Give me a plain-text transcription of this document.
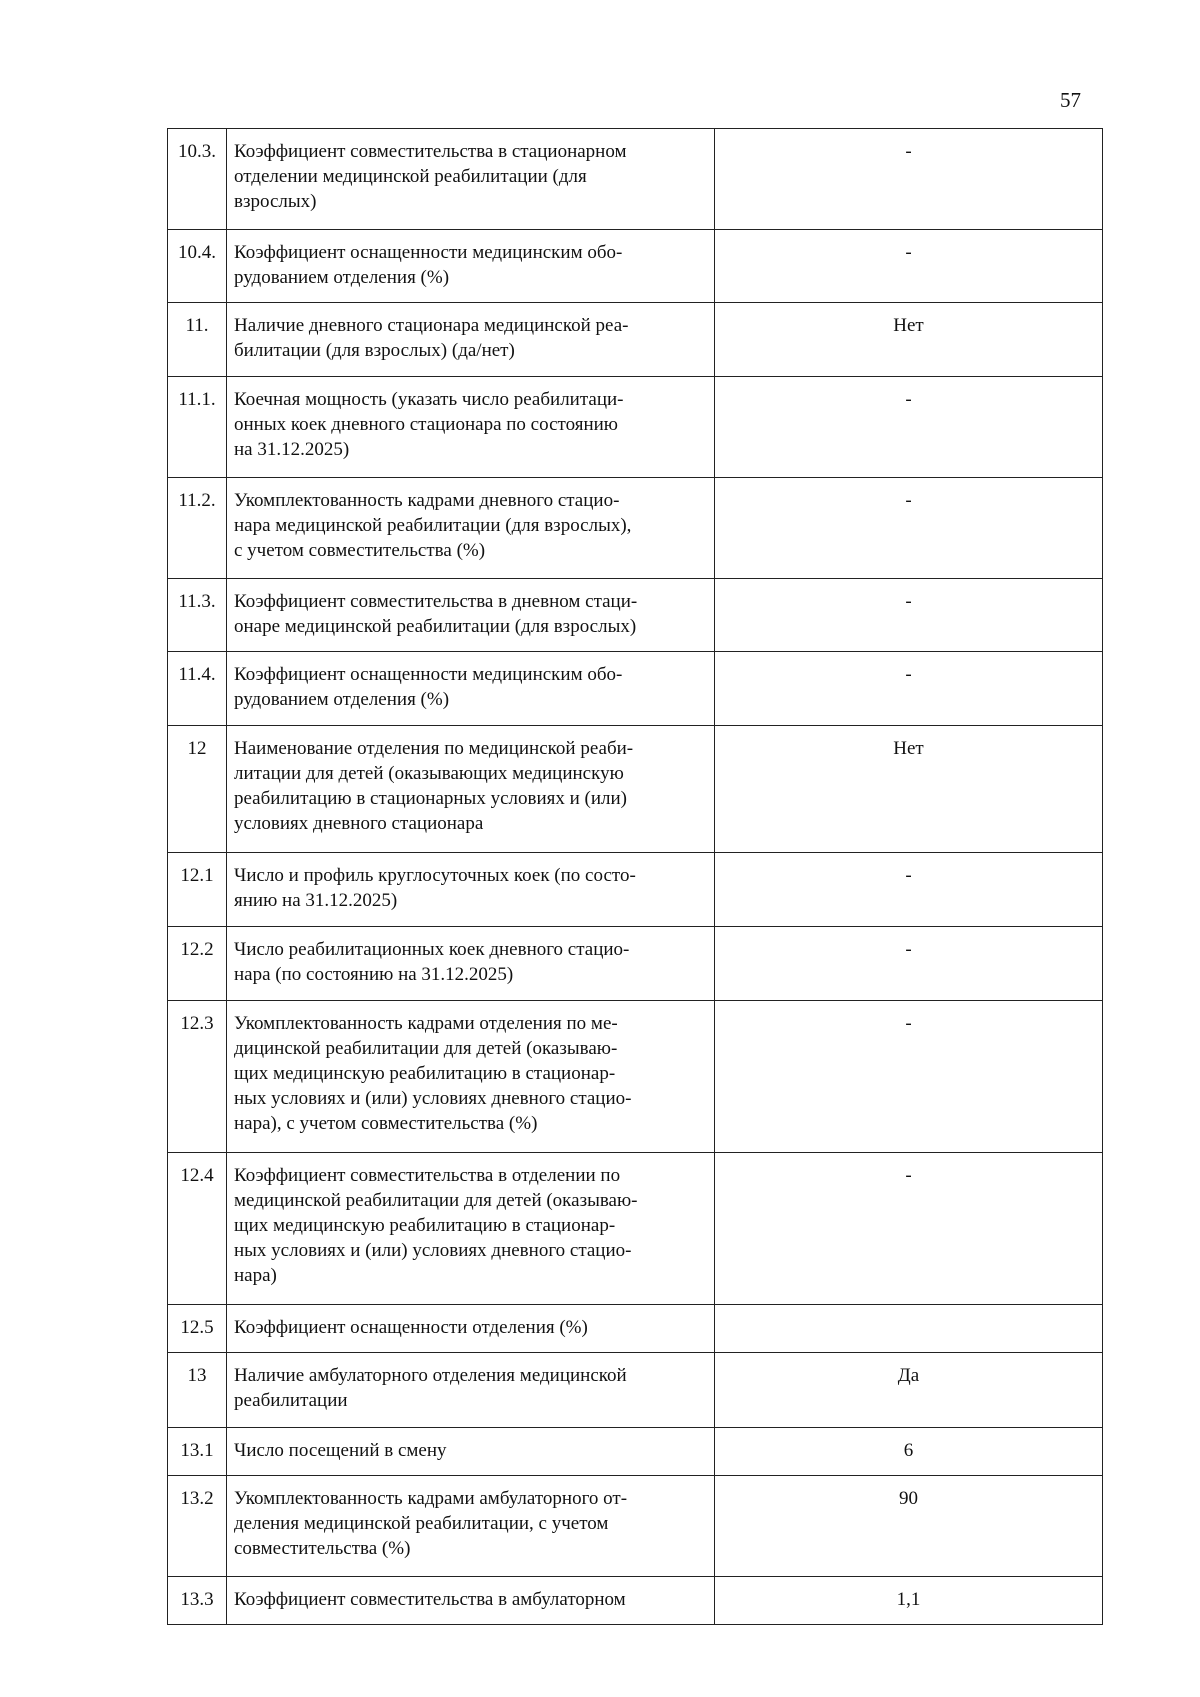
57
10.3.	Коэффициент совместительства в стационарном
отделении медицинской реабилитации (для
взрослых)	-
10.4.	Коэффициент оснащенности медицинским обо-
рудованием отделения (%)	-
11.	Наличие дневного стационара медицинской реа-
билитации (для взрослых) (да/нет)	Нет
11.1.	Коечная мощность (указать число реабилитаци-
онных коек дневного стационара по состоянию
на 31.12.2025)	-
11.2.	Укомплектованность кадрами дневного стацио-
нара медицинской реабилитации (для взрослых),
с учетом совместительства (%)	-
11.3.	Коэффициент совместительства в дневном стаци-
онаре медицинской реабилитации (для взрослых)	-
11.4.	Коэффициент оснащенности медицинским обо-
рудованием отделения (%)	-
12	Наименование отделения по медицинской реаби-
литации для детей (оказывающих медицинскую
реабилитацию в стационарных условиях и (или)
условиях дневного стационара	Нет
12.1	Число и профиль круглосуточных коек (по состо-
янию на 31.12.2025)	-
12.2	Число реабилитационных коек дневного стацио-
нара (по состоянию на 31.12.2025)	-
12.3	Укомплектованность кадрами отделения по ме-
дицинской реабилитации для детей (оказываю-
щих медицинскую реабилитацию в стационар-
ных условиях и (или) условиях дневного стацио-
нара), с учетом совместительства (%)	-
12.4	Коэффициент совместительства в отделении по
медицинской реабилитации для детей (оказываю-
щих медицинскую реабилитацию в стационар-
ных условиях и (или) условиях дневного стацио-
нара)	-
12.5	Коэффициент оснащенности отделения (%)	

13	Наличие амбулаторного отделения медицинской
реабилитации	Да
13.1	Число посещений в смену	6
13.2	Укомплектованность кадрами амбулаторного от-
деления медицинской реабилитации, с учетом
совместительства (%)	90
13.3	Коэффициент совместительства в амбулаторном	1,1
